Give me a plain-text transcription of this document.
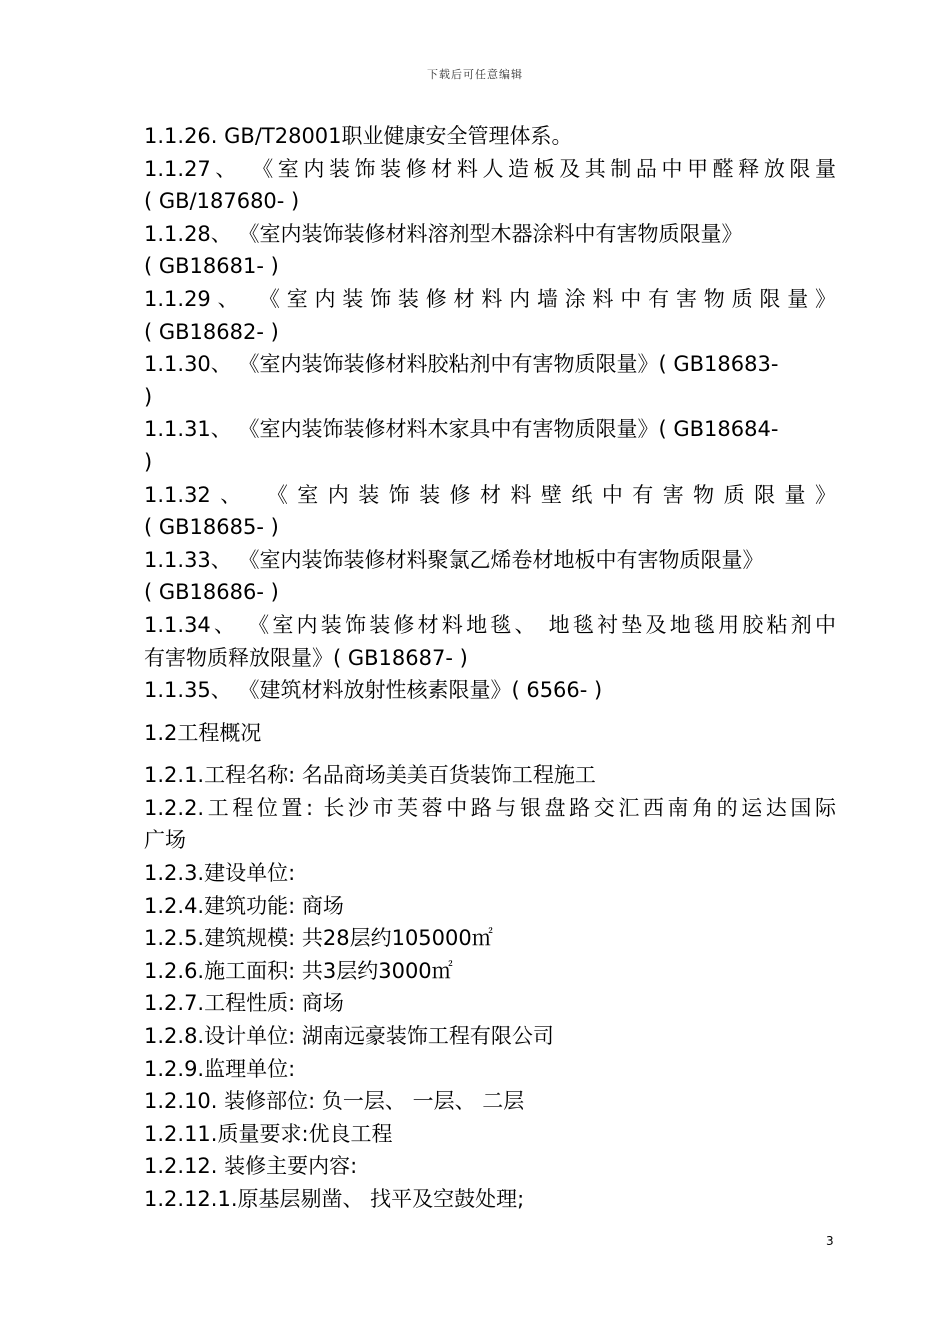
下载后可任意编辑
1.1.26. GB/T28001职业健康安全管理体系。
1.1.27、 《室内装饰装修材料人造板及其制品中甲醛释放限量
( GB/187680- )
1.1.28、 《室内装饰装修材料溶剂型木器涂料中有害物质限量》
( GB18681- )
1.1.29、 《室内装饰装修材料内墙涂料中有害物质限量》
( GB18682- )
1.1.30、 《室内装饰装修材料胶粘剂中有害物质限量》( GB18683-
)
1.1.31、 《室内装饰装修材料木家具中有害物质限量》( GB18684-
)
1.1.32、 《室内装饰装修材料壁纸中有害物质限量》
( GB18685- )
1.1.33、 《室内装饰装修材料聚氯乙烯卷材地板中有害物质限量》
( GB18686- )
1.1.34、 《室内装饰装修材料地毯、 地毯衬垫及地毯用胶粘剂中
有害物质释放限量》( GB18687- )
1.1.35、 《建筑材料放射性核素限量》( 6566- )
1.2工程概况
1.2.1.工程名称: 名品商场美美百货装饰工程施工
1.2.2.工程位置: 长沙市芙蓉中路与银盘路交汇西南角的运达国际
广场
1.2.3.建设单位:
1.2.4.建筑功能: 商场
1.2.5.建筑规模: 共28层约105000㎡
1.2.6.施工面积: 共3层约3000㎡
1.2.7.工程性质: 商场
1.2.8.设计单位: 湖南远豪装饰工程有限公司
1.2.9.监理单位:
1.2.10. 装修部位: 负一层、 一层、 二层
1.2.11.质量要求:优良工程
1.2.12. 装修主要内容:
1.2.12.1.原基层剔凿、 找平及空鼓处理;
3
